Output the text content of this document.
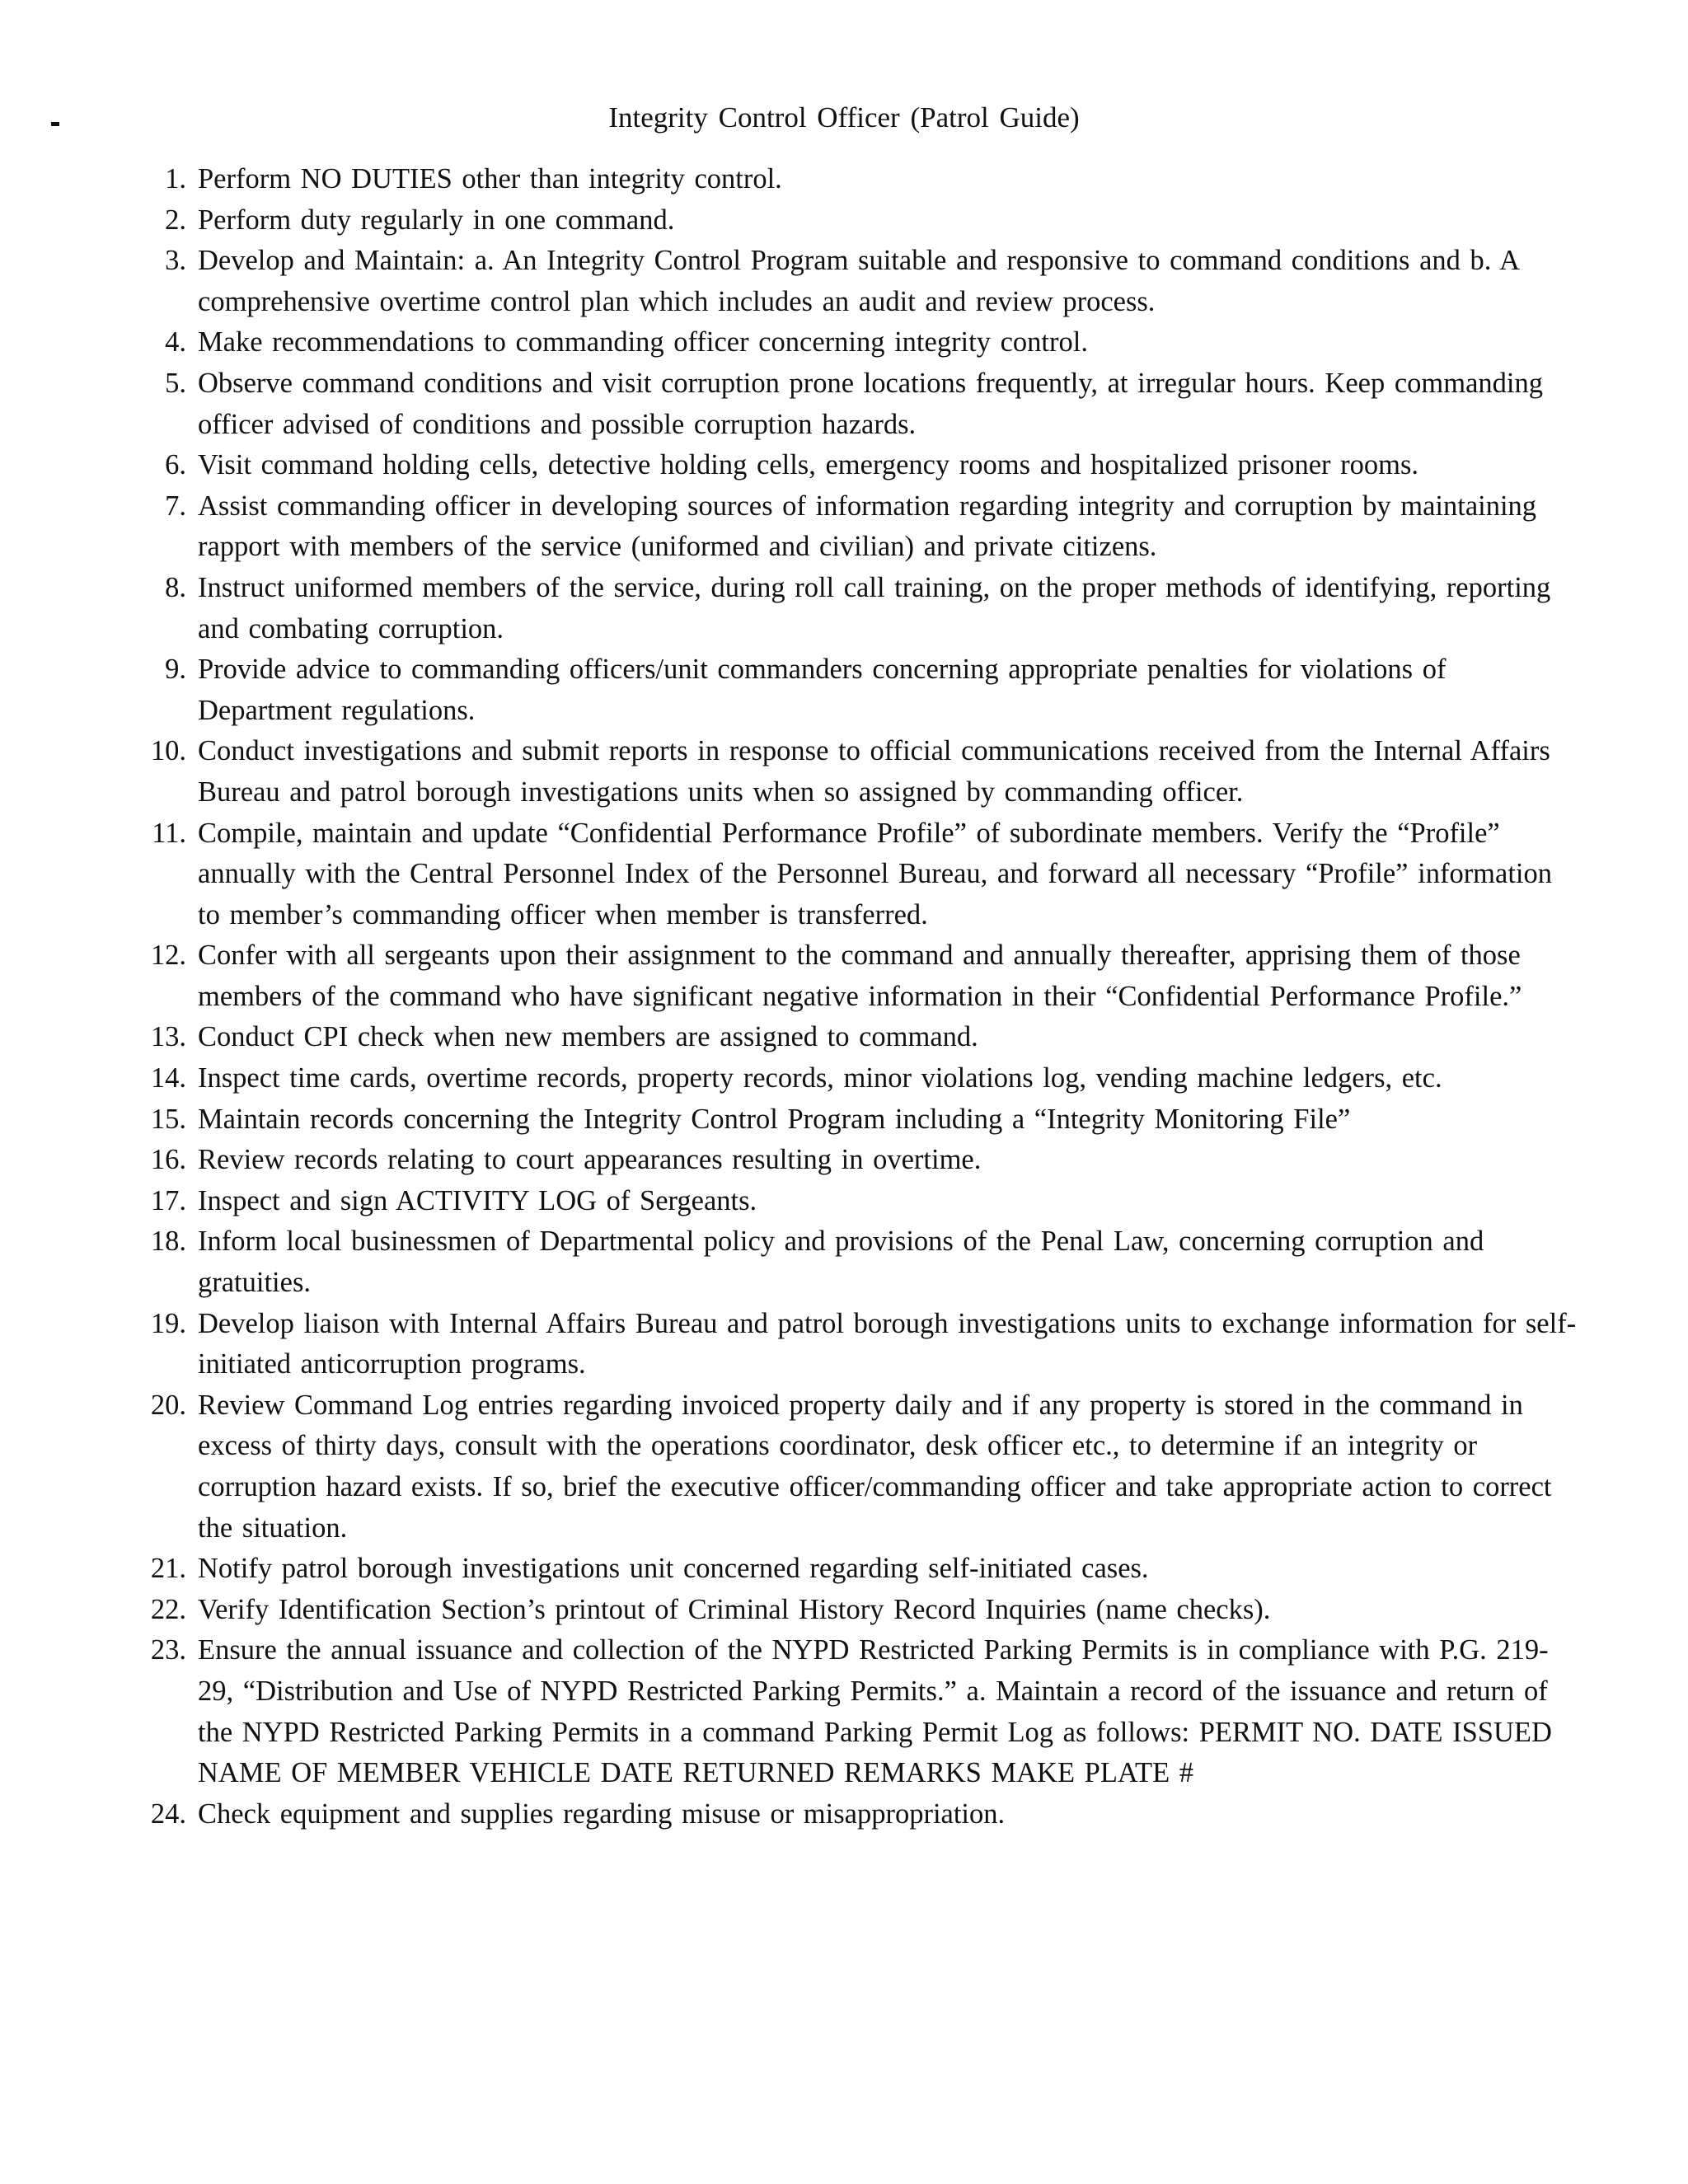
Integrity Control Officer (Patrol Guide)
1. Perform NO DUTIES other than integrity control.
2. Perform duty regularly in one command.
3. Develop and Maintain: a. An Integrity Control Program suitable and responsive to command conditions and b. A comprehensive overtime control plan which includes an audit and review process.
4. Make recommendations to commanding officer concerning integrity control.
5. Observe command conditions and visit corruption prone locations frequently, at irregular hours. Keep commanding officer advised of conditions and possible corruption hazards.
6. Visit command holding cells, detective holding cells, emergency rooms and hospitalized prisoner rooms.
7. Assist commanding officer in developing sources of information regarding integrity and corruption by maintaining rapport with members of the service (uniformed and civilian) and private citizens.
8. Instruct uniformed members of the service, during roll call training, on the proper methods of identifying, reporting and combating corruption.
9. Provide advice to commanding officers/unit commanders concerning appropriate penalties for violations of Department regulations.
10. Conduct investigations and submit reports in response to official communications received from the Internal Affairs Bureau and patrol borough investigations units when so assigned by commanding officer.
11. Compile, maintain and update “Confidential Performance Profile” of subordinate members. Verify the “Profile” annually with the Central Personnel Index of the Personnel Bureau, and forward all necessary “Profile” information to member’s commanding officer when member is transferred.
12. Confer with all sergeants upon their assignment to the command and annually thereafter, apprising them of those members of the command who have significant negative information in their “Confidential Performance Profile.”
13. Conduct CPI check when new members are assigned to command.
14. Inspect time cards, overtime records, property records, minor violations log, vending machine ledgers, etc.
15. Maintain records concerning the Integrity Control Program including a “Integrity Monitoring File”
16. Review records relating to court appearances resulting in overtime.
17. Inspect and sign ACTIVITY LOG of Sergeants.
18. Inform local businessmen of Departmental policy and provisions of the Penal Law, concerning corruption and gratuities.
19. Develop liaison with Internal Affairs Bureau and patrol borough investigations units to exchange information for self-initiated anticorruption programs.
20. Review Command Log entries regarding invoiced property daily and if any property is stored in the command in excess of thirty days, consult with the operations coordinator, desk officer etc., to determine if an integrity or corruption hazard exists. If so, brief the executive officer/commanding officer and take appropriate action to correct the situation.
21. Notify patrol borough investigations unit concerned regarding self-initiated cases.
22. Verify Identification Section’s printout of Criminal History Record Inquiries (name checks).
23. Ensure the annual issuance and collection of the NYPD Restricted Parking Permits is in compliance with P.G. 219-29, “Distribution and Use of NYPD Restricted Parking Permits.” a. Maintain a record of the issuance and return of the NYPD Restricted Parking Permits in a command Parking Permit Log as follows: PERMIT NO. DATE ISSUED NAME OF MEMBER VEHICLE DATE RETURNED REMARKS MAKE PLATE #
24. Check equipment and supplies regarding misuse or misappropriation.
